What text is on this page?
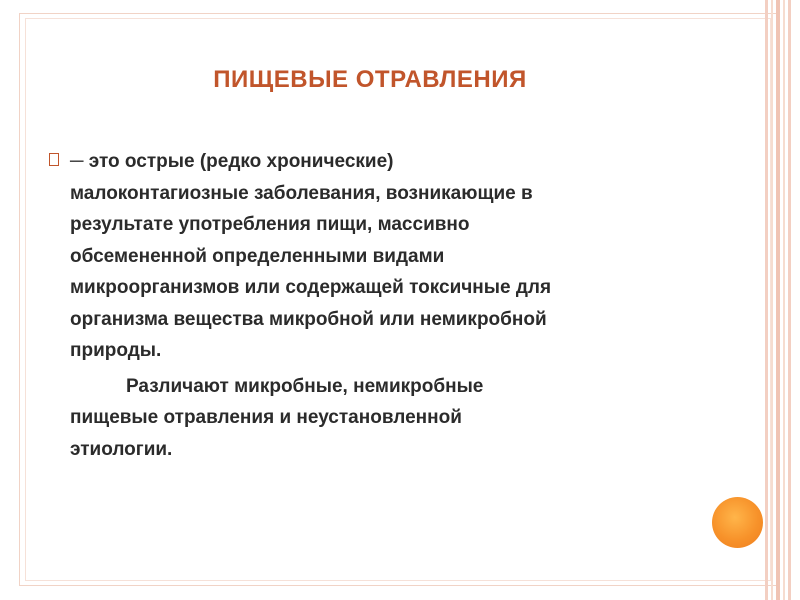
ПИЩЕВЫЕ ОТРАВЛЕНИЯ
─ это острые (редко хронические)
малоконтагиозные заболевания, возникающие в
результате употребления пищи, массивно
обсемененной определенными видами
микроорганизмов или содержащей токсичные для
организма вещества микробной или немикробной
природы.
Различают микробные, немикробные
пищевые отравления и неустановленной
этиологии.
